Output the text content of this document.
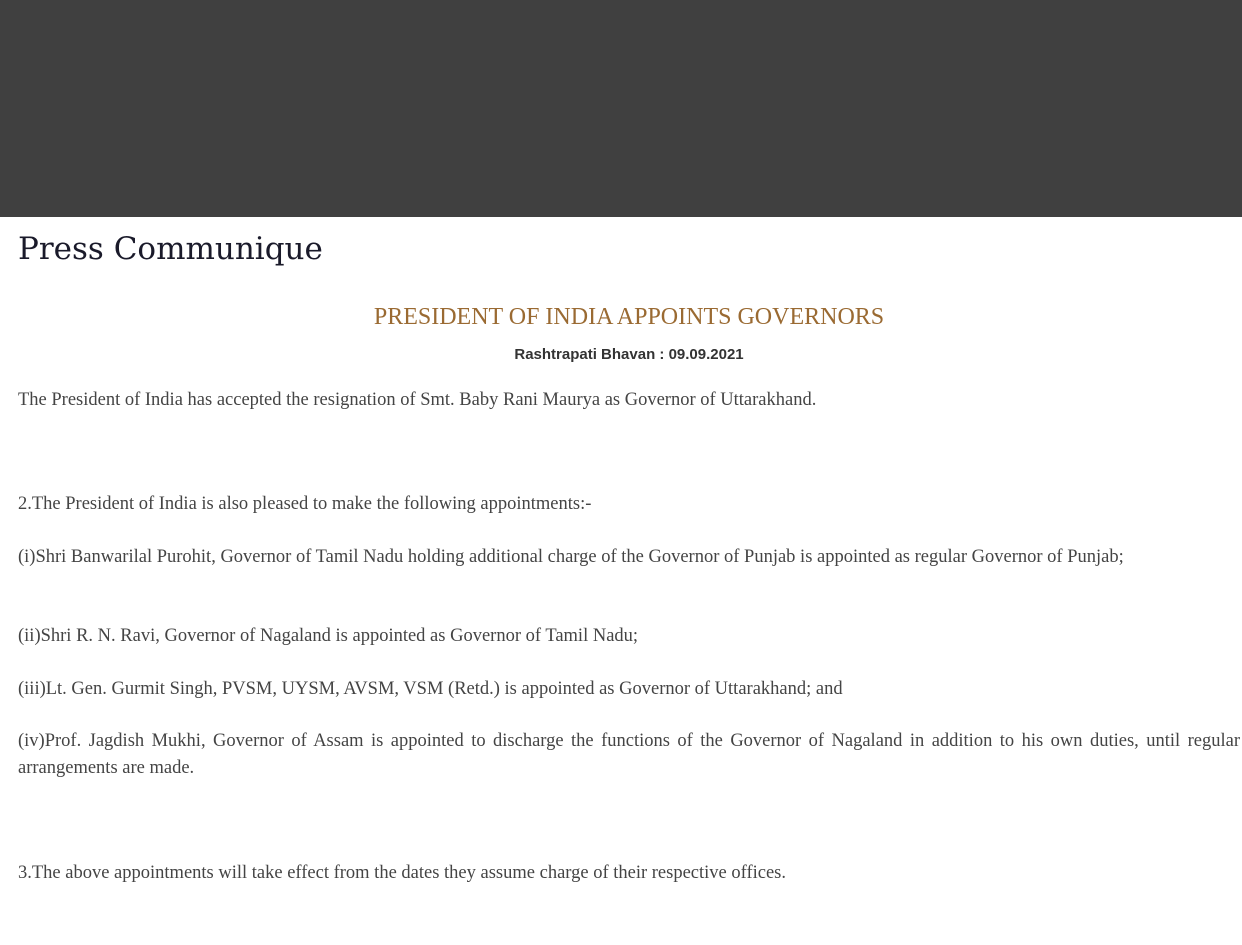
Press Communique
PRESIDENT OF INDIA APPOINTS GOVERNORS

Rashtrapati Bhavan : 09.09.2021

The President of India has accepted the resignation of Smt. Baby Rani Maurya as Governor of Uttarakhand.

2.The President of India is also pleased to make the following appointments:-

(i)Shri Banwarilal Purohit, Governor of Tamil Nadu holding additional charge of the Governor of Punjab is appointed as regular Governor of Punjab;

(ii)Shri R. N. Ravi, Governor of Nagaland is appointed as Governor of Tamil Nadu;

(iii)Lt. Gen. Gurmit Singh, PVSM, UYSM, AVSM, VSM (Retd.) is appointed as Governor of Uttarakhand; and

(iv)Prof. Jagdish Mukhi, Governor of Assam is appointed to discharge the functions of the Governor of Nagaland in addition to his own duties, until regular arrangements are made.

3.The above appointments will take effect from the dates they assume charge of their respective offices.
